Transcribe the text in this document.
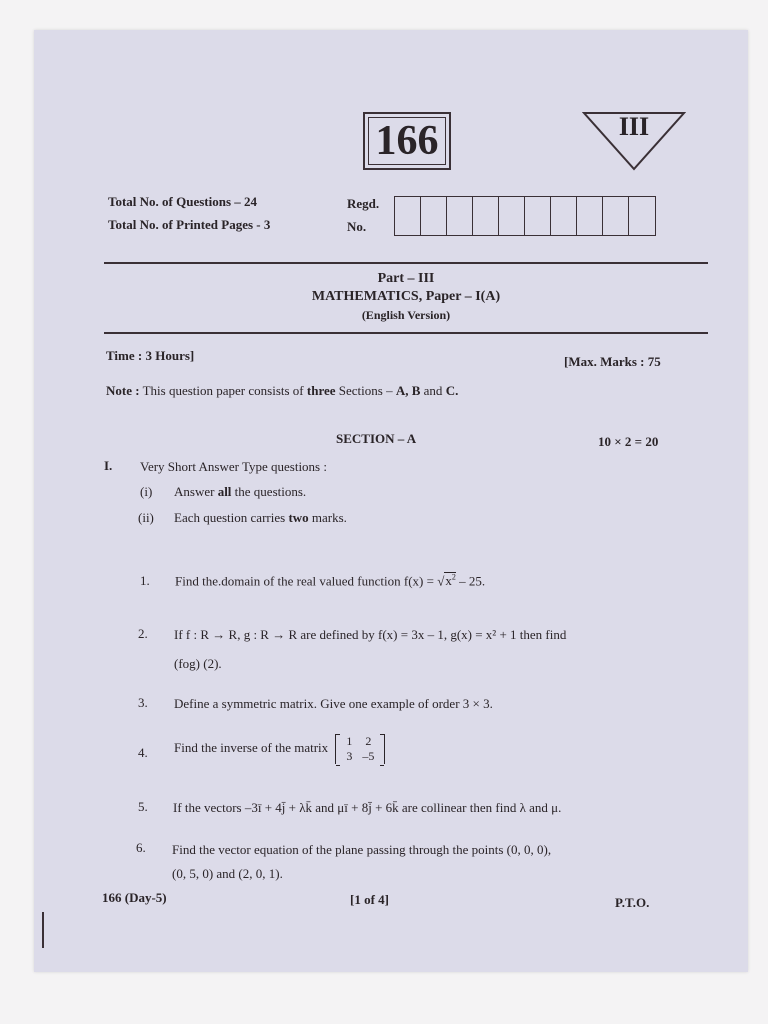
166	III
Total No. of Questions – 24
Total No. of Printed Pages - 3
Regd.
No.
Part – III
MATHEMATICS, Paper – I(A)
(English Version)
Time : 3 Hours]	[Max. Marks : 75
Note : This question paper consists of three Sections – A, B and C.
SECTION – A	10 × 2 = 20
I. Very Short Answer Type questions :
(i) Answer all the questions.
(ii) Each question carries two marks.
1. Find the.domain of the real valued function $f(x) = √x^2 - 25$.
2. If f : R → R, g : R → R are defined by f(x) = 3x – 1, g(x) = x² + 1 then find
(fog) (2).
3. Define a symmetric matrix. Give one example of order 3 × 3.
4. Find the inverse of the matrix 1	2
3	–5
5. If the vectors –3ī + 4j̄ + λk̄ and μī + 8j̄ + 6k̄ are collinear then find λ and μ.
6. Find the vector equation of the plane passing through the points (0, 0, 0),
(0, 5, 0) and (2, 0, 1).
166 (Day-5)	[1 of 4]	P.T.O.
